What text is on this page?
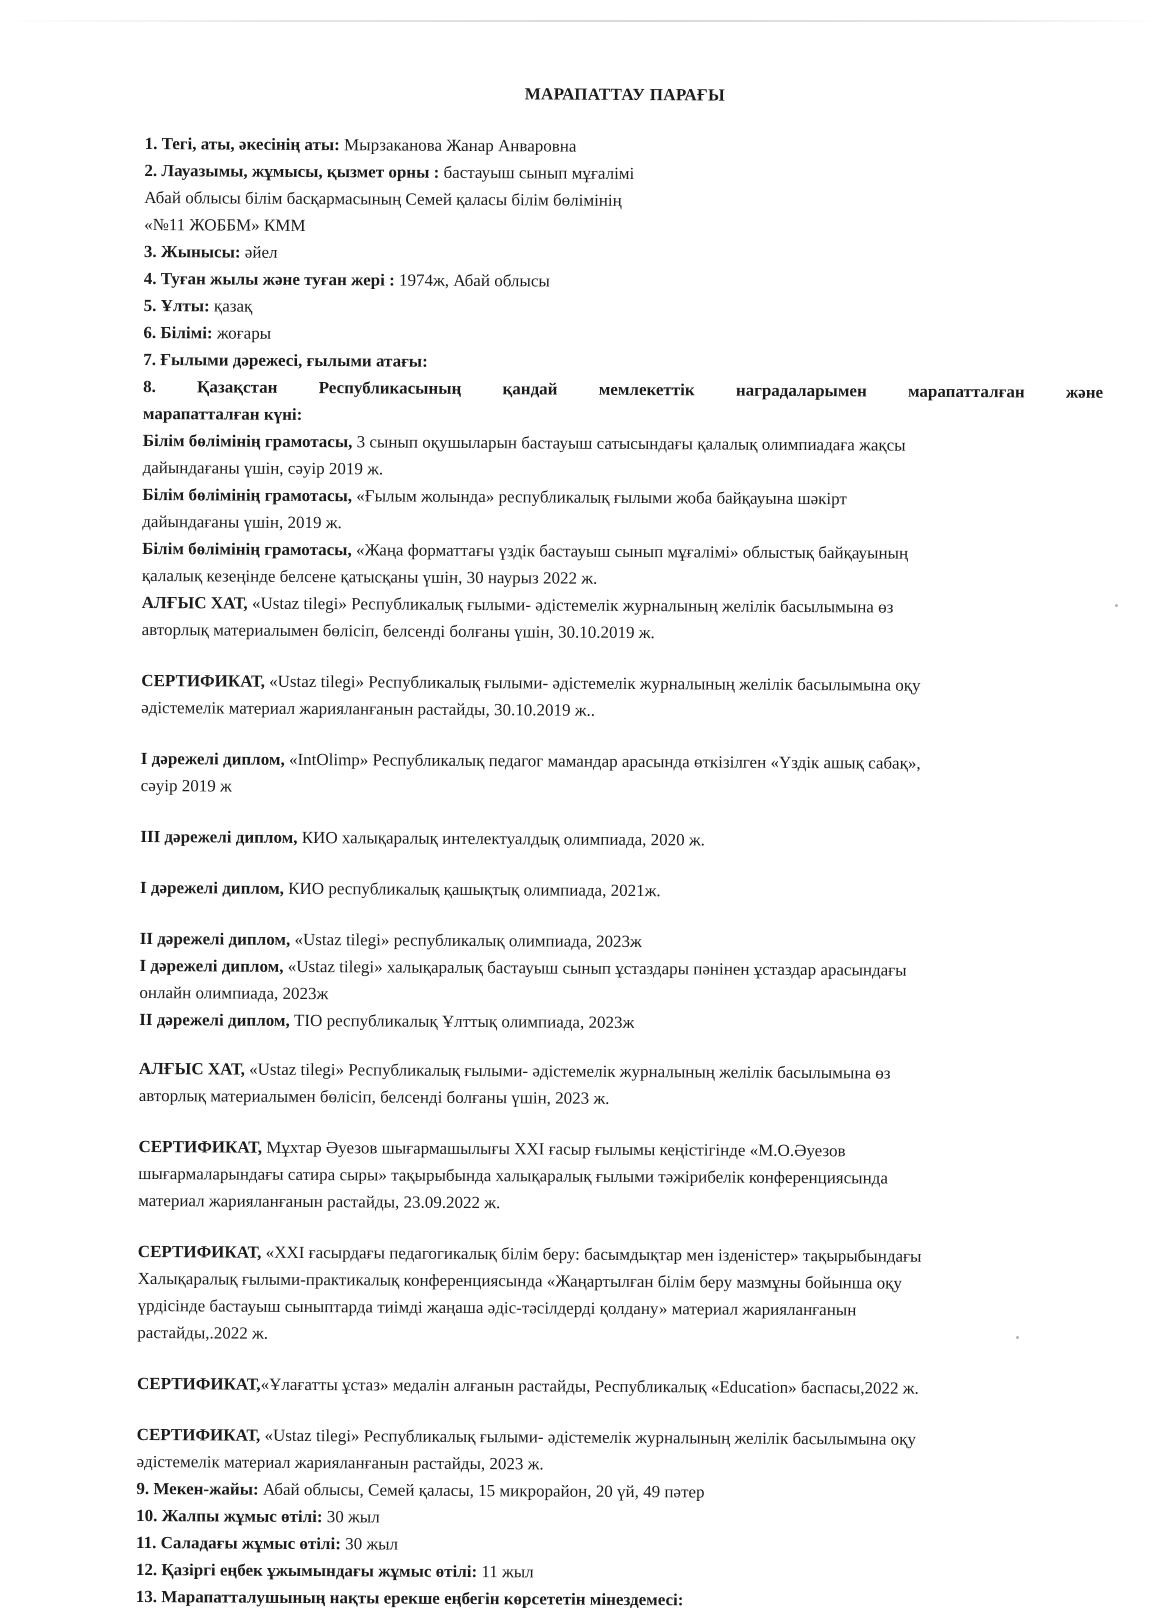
МАРАПАТТАУ ПАРАҒЫ

1. Тегі, аты, әкесінің аты: Мырзаканова Жанар Анваровна

2. Лауазымы, жұмысы, қызмет орны : бастауыш сынып мұғалімі

Абай облысы білім басқармасының Семей қаласы білім бөлімінің

«№11 ЖОББМ» КММ

3. Жынысы: әйел

4. Туған жылы және туған жері : 1974ж, Абай облысы

5. Ұлты: қазақ

6. Білімі: жоғары

7. Ғылыми дәрежесі, ғылыми атағы:

8. Қазақстан Республикасының қандай мемлекеттік наградаларымен марапатталған және

марапатталған күні:

Білім бөлімінің грамотасы, 3 сынып оқушыларын бастауыш сатысындағы қалалық олимпиадаға жақсы

дайындағаны үшін, сәуір 2019 ж.

Білім бөлімінің грамотасы, «Ғылым жолында» республикалық ғылыми жоба байқауына шәкірт

дайындағаны үшін, 2019 ж.

Білім бөлімінің грамотасы, «Жаңа форматтағы үздік бастауыш сынып мұғалімі» облыстық байқауының

қалалық кезеңінде белсене қатысқаны үшін, 30 наурыз 2022 ж.

АЛҒЫС ХАТ, «Ustaz tilegi» Республикалық ғылыми- әдістемелік журналының желілік басылымына өз

авторлық материалымен бөлісіп, белсенді болғаны үшін, 30.10.2019 ж.

СЕРТИФИКАТ, «Ustaz tilegi» Республикалық ғылыми- әдістемелік журналының желілік басылымына оқу

әдістемелік материал жарияланғанын растайды, 30.10.2019 ж..

І дәрежелі диплом, «IntOlimp» Республикалық педагог мамандар арасында өткізілген «Үздік ашық сабақ»,

сәуір 2019 ж

ІІІ дәрежелі диплом, КИО халықаралық интелектуалдық олимпиада, 2020 ж.

І дәрежелі диплом, КИО республикалық қашықтық олимпиада, 2021ж.

ІІ дәрежелі диплом, «Ustaz tilegi» республикалық олимпиада, 2023ж

І дәрежелі диплом, «Ustaz tilegi» халықаралық бастауыш сынып ұстаздары пәнінен ұстаздар арасындағы

онлайн олимпиада, 2023ж

ІІ дәрежелі диплом, ТІО республикалық Ұлттық олимпиада, 2023ж

АЛҒЫС ХАТ, «Ustaz tilegi» Республикалық ғылыми- әдістемелік журналының желілік басылымына өз

авторлық материалымен бөлісіп, белсенді болғаны үшін, 2023 ж.

СЕРТИФИКАТ, Мұхтар Әуезов шығармашылығы ХХІ ғасыр ғылымы кеңістігінде «М.О.Әуезов

шығармаларындағы сатира сыры» тақырыбында халықаралық ғылыми тәжірибелік конференциясында

материал жарияланғанын растайды, 23.09.2022 ж.

СЕРТИФИКАТ, «ХХІ ғасырдағы педагогикалық білім беру: басымдықтар мен ізденістер» тақырыбындағы

Халықаралық ғылыми-практикалық конференциясында «Жаңартылған білім беру мазмұны бойынша оқу

үрдісінде бастауыш сыныптарда тиімді жаңаша әдіс-тәсілдерді қолдану» материал жарияланғанын

растайды,.2022 ж.

СЕРТИФИКАТ,«Ұлағатты ұстаз» медалін алғанын растайды, Республикалық «Education» баспасы,2022 ж.

СЕРТИФИКАТ, «Ustaz tilegi» Республикалық ғылыми- әдістемелік журналының желілік басылымына оқу

әдістемелік материал жарияланғанын растайды, 2023 ж.

9. Мекен-жайы: Абай облысы, Семей қаласы, 15 микрорайон, 20 үй, 49 пәтер

10. Жалпы жұмыс өтілі: 30 жыл

11. Саладағы жұмыс өтілі: 30 жыл

12. Қазіргі еңбек ұжымындағы жұмыс өтілі: 11 жыл

13. Марапатталушының нақты ерекше еңбегін көрсететін мінездемесі:
